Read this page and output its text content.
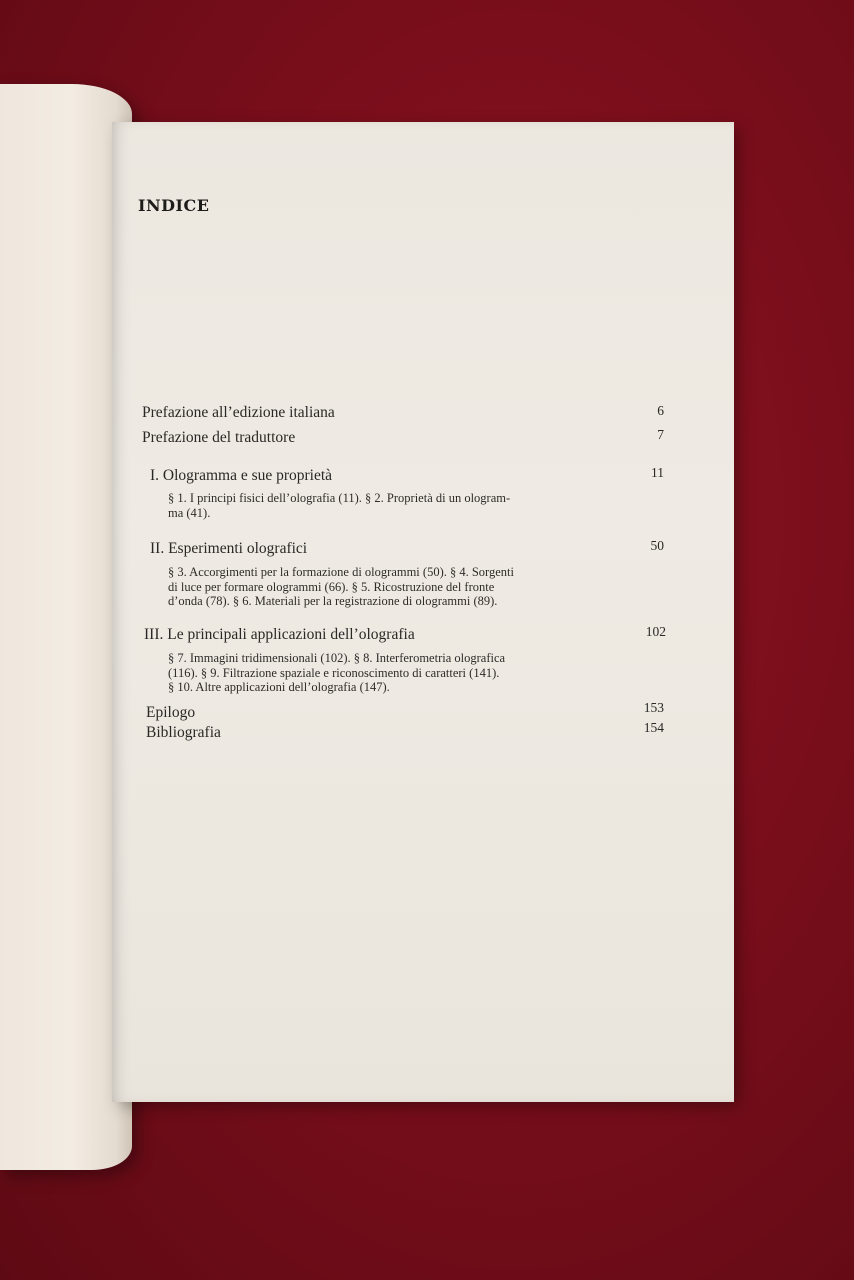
INDICE
Prefazione all’edizione italiana	6
Prefazione del traduttore	7
I. Ologramma e sue proprietà	11
§ 1. I principi fisici dell’olografia (11). § 2. Proprietà di un ologram-
ma (41).
II. Esperimenti olografici	50
§ 3. Accorgimenti per la formazione di ologrammi (50). § 4. Sorgenti
di luce per formare ologrammi (66). § 5. Ricostruzione del fronte
d’onda (78). § 6. Materiali per la registrazione di ologrammi (89).
III. Le principali applicazioni dell’olografia	102
§ 7. Immagini tridimensionali (102). § 8. Interferometria olografica
(116). § 9. Filtrazione spaziale e riconoscimento di caratteri (141).
§ 10. Altre applicazioni dell’olografia (147).
Epilogo	153
Bibliografia	154
